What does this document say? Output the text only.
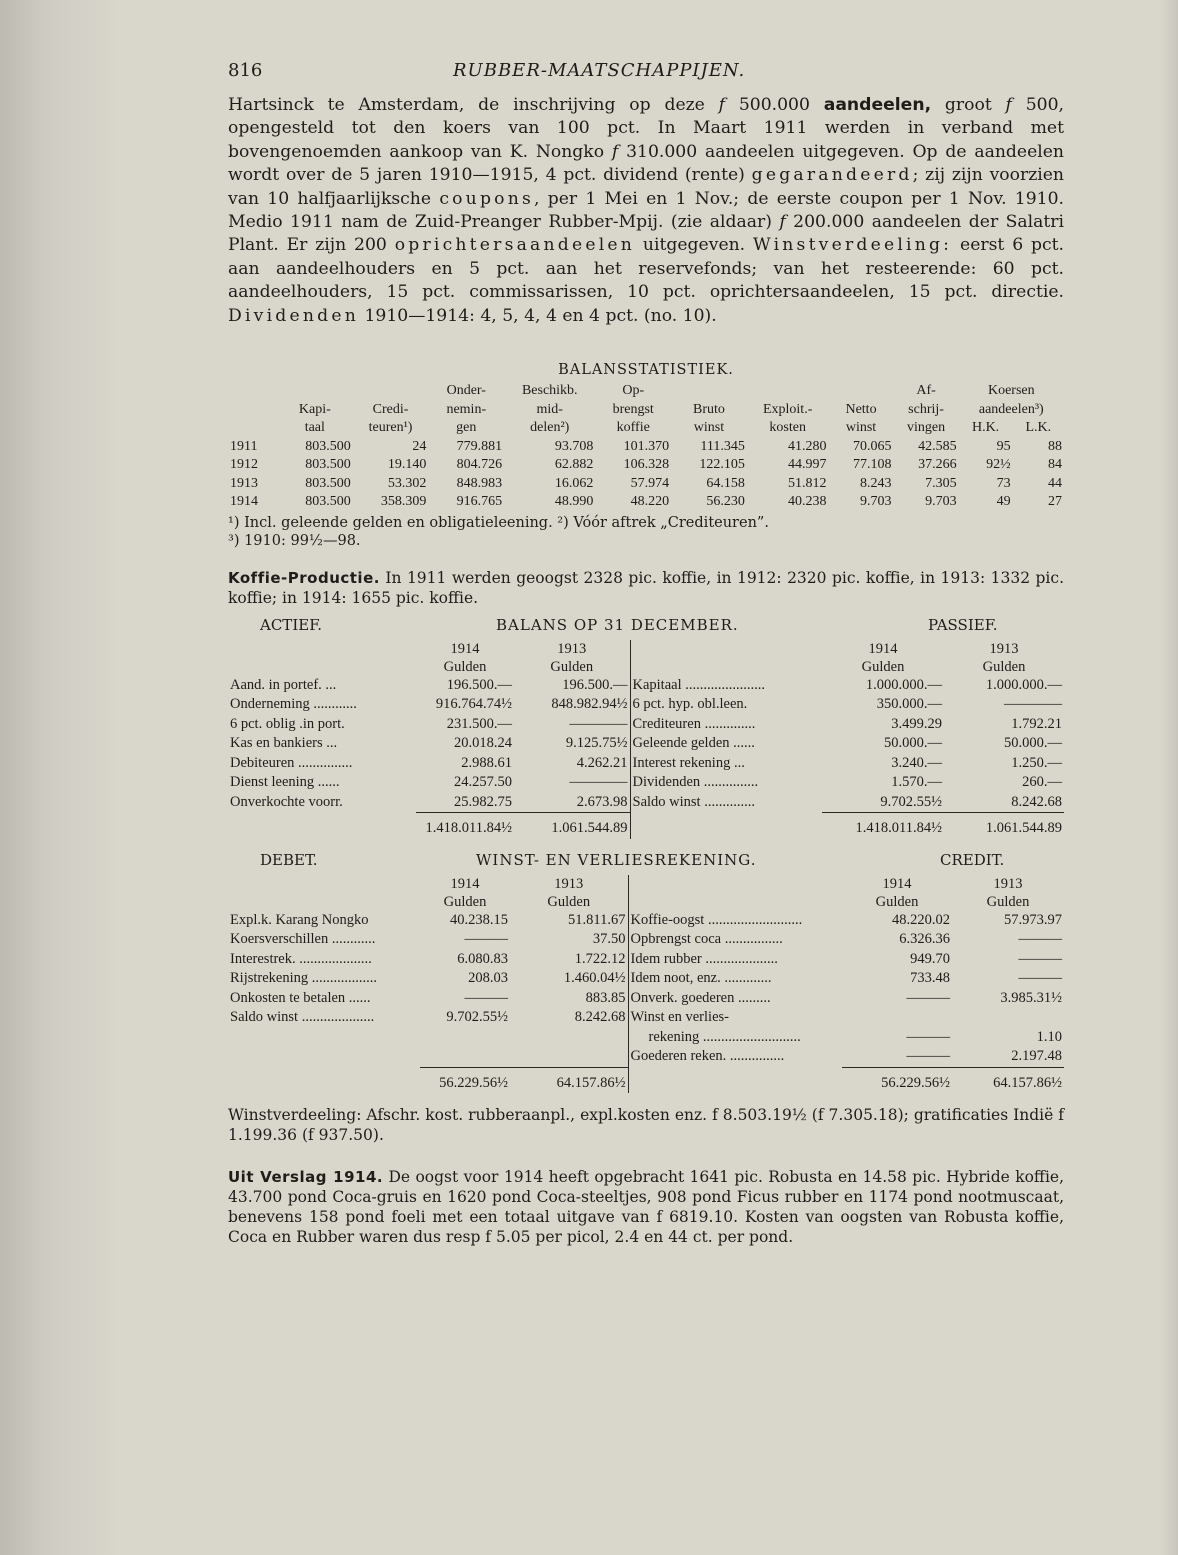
816	RUBBER-MAATSCHAPPIJEN.

Hartsinck te Amsterdam, de inschrijving op deze f 500.000 aandeelen, groot f 500, opengesteld tot den koers van 100 pct. In Maart 1911 werden in verband met bovengenoemden aankoop van K. Nongko f 310.000 aandeelen uitgegeven. Op de aandeelen wordt over de 5 jaren 1910—1915, 4 pct. dividend (rente) gegarandeerd; zij zijn voorzien van 10 halfjaarlijksche coupons, per 1 Mei en 1 Nov.; de eerste coupon per 1 Nov. 1910. Medio 1911 nam de Zuid-Preanger Rubber-Mpij. (zie aldaar) f 200.000 aandeelen der Salatri Plant. Er zijn 200 oprichtersaandeelen uitgegeven. Winstverdeeling: eerst 6 pct. aan aandeelhouders en 5 pct. aan het reservefonds; van het resteerende: 60 pct. aandeelhouders, 15 pct. commissarissen, 10 pct. oprichtersaandeelen, 15 pct. directie. Dividenden 1910—1914: 4, 5, 4, 4 en 4 pct. (no. 10).

BALANSSTATISTIEK.
			Onder-	Beschikb.	Op-				Af-	Koersen	
	Kapi-	Credi-	nemin-	mid-	brengst	Bruto	Exploit.-	Netto	schrij-	aandeelen³)	
	taal	teuren¹)	gen	delen²)	koffie	winst	kosten	winst	vingen	H.K.	L.K.
1911	803.500	24	779.881	93.708	101.370	111.345	41.280	70.065	42.585	95	88
1912	803.500	19.140	804.726	62.882	106.328	122.105	44.997	77.108	37.266	92½	84
1913	803.500	53.302	848.983	16.062	57.974	64.158	51.812	8.243	7.305	73	44
1914	803.500	358.309	916.765	48.990	48.220	56.230	40.238	9.703	9.703	49	27
¹) Incl. geleende gelden en obligatieleening. ²) Vóór aftrek „Crediteuren”.
³) 1910: 99½—98.

Koffie-Productie. In 1911 werden geoogst 2328 pic. koffie, in 1912: 2320 pic. koffie, in 1913: 1332 pic. koffie; in 1914: 1655 pic. koffie.

ACTIEF.	BALANS OP 31 DECEMBER.	PASSIEF.
	1914	1913		1914	1913
	Gulden	Gulden		Gulden	Gulden
Aand. in portef. ...	196.500.—	196.500.—	Kapitaal ......................	1.000.000.—	1.000.000.—
Onderneming ............	916.764.74½	848.982.94½	6 pct. hyp. obl.leen.	350.000.—	————
6 pct. oblig .in port.	231.500.—	————	Crediteuren ..............	3.499.29	1.792.21
Kas en bankiers ...	20.018.24	9.125.75½	Geleende gelden ......	50.000.—	50.000.—
Debiteuren ...............	2.988.61	4.262.21	Interest rekening ...	3.240.—	1.250.—
Dienst leening ......	24.257.50	————	Dividenden ...............	1.570.—	260.—
Onverkochte voorr.	25.982.75	2.673.98	Saldo winst ..............	9.702.55½	8.242.68
	1.418.011.84½	1.061.544.89		1.418.011.84½	1.061.544.89
DEBET.	WINST- EN VERLIESREKENING.	CREDIT.
	1914	1913		1914	1913
	Gulden	Gulden		Gulden	Gulden
Expl.k. Karang Nongko	40.238.15	51.811.67	Koffie-oogst ..........................	48.220.02	57.973.97
Koersverschillen ............	———	37.50	Opbrengst coca ................	6.326.36	———
Interestrek. ....................	6.080.83	1.722.12	Idem rubber ....................	949.70	———
Rijstrekening ..................	208.03	1.460.04½	Idem noot, enz. .............	733.48	———
Onkosten te betalen ......	———	883.85	Onverk. goederen .........	———	3.985.31½
Saldo winst ....................	9.702.55½	8.242.68	Winst en verlies-		
			rekening ...........................	———	1.10
			Goederen reken. ...............	———	2.197.48
	56.229.56½	64.157.86½		56.229.56½	64.157.86½

Winstverdeeling: Afschr. kost. rubberaanpl., expl.kosten enz. f 8.503.19½ (f 7.305.18); gratificaties Indië f 1.199.36 (f 937.50).

Uit Verslag 1914. De oogst voor 1914 heeft opgebracht 1641 pic. Robusta en 14.58 pic. Hybride koffie, 43.700 pond Coca-gruis en 1620 pond Coca-steeltjes, 908 pond Ficus rubber en 1174 pond nootmuscaat, benevens 158 pond foeli met een totaal uitgave van f 6819.10. Kosten van oogsten van Robusta koffie, Coca en Rubber waren dus resp f 5.05 per picol, 2.4 en 44 ct. per pond.
